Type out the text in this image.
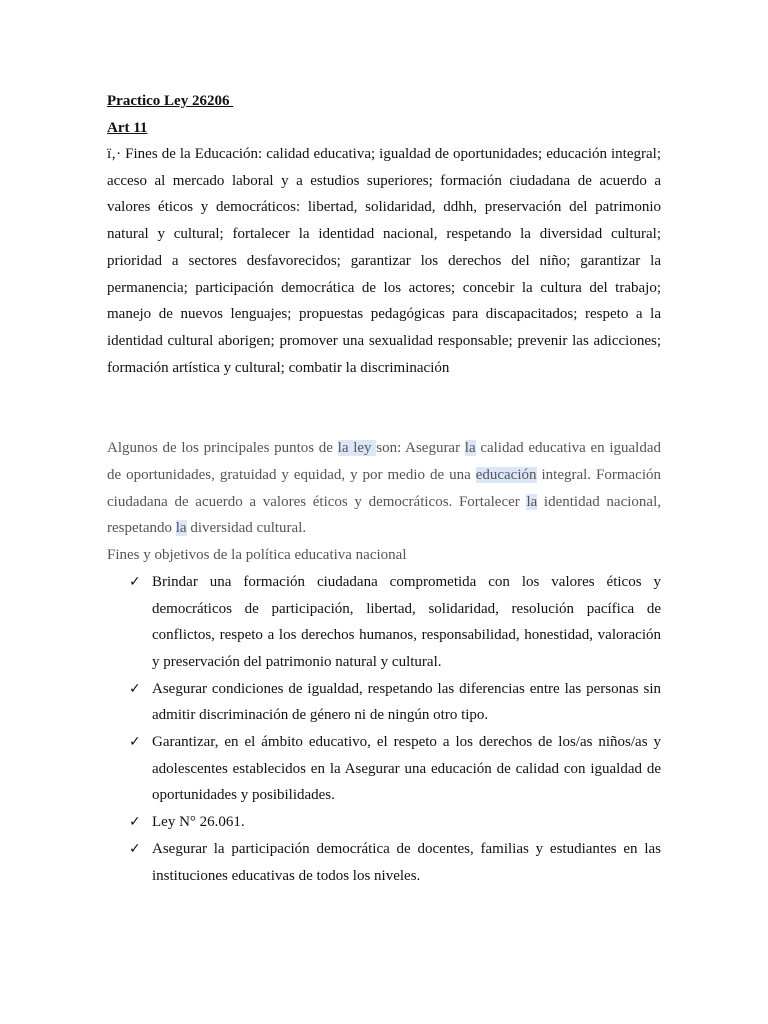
Practico Ley 26206

Art 11

ï‚· Fines de la Educación: calidad educativa; igualdad de oportunidades; educación integral; acceso al mercado laboral y a estudios superiores; formación ciudadana de acuerdo a valores éticos y democráticos: libertad, solidaridad, ddhh, preservación del patrimonio natural y cultural; fortalecer la identidad nacional, respetando la diversidad cultural; prioridad a sectores desfavorecidos; garantizar los derechos del niño; garantizar la permanencia; participación democrática de los actores; concebir la cultura del trabajo; manejo de nuevos lenguajes; propuestas pedagógicas para discapacitados; respeto a la identidad cultural aborigen; promover una sexualidad responsable; prevenir las adicciones; formación artística y cultural; combatir la discriminación

Algunos de los principales puntos de la ley son: Asegurar la calidad educativa en igualdad de oportunidades, gratuidad y equidad, y por medio de una educación integral. Formación ciudadana de acuerdo a valores éticos y democráticos. Fortalecer la identidad nacional, respetando la diversidad cultural.

Fines y objetivos de la política educativa nacional

✓ Brindar una formación ciudadana comprometida con los valores éticos y democráticos de participación, libertad, solidaridad, resolución pacífica de conflictos, respeto a los derechos humanos, responsabilidad, honestidad, valoración y preservación del patrimonio natural y cultural.
✓ Asegurar condiciones de igualdad, respetando las diferencias entre las personas sin admitir discriminación de género ni de ningún otro tipo.
✓ Garantizar, en el ámbito educativo, el respeto a los derechos de los/as niños/as y adolescentes establecidos en la Asegurar una educación de calidad con igualdad de oportunidades y posibilidades.
✓ Ley N° 26.061.
✓ Asegurar la participación democrática de docentes, familias y estudiantes en las instituciones educativas de todos los niveles.
